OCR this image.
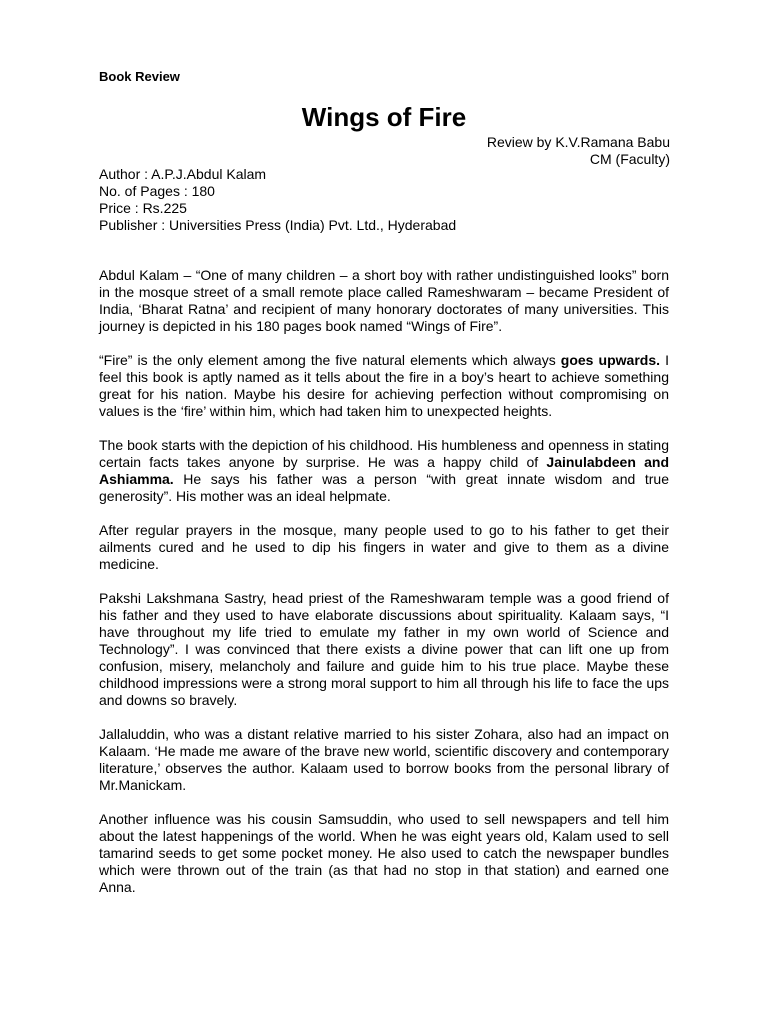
Book Review
Wings of Fire
Review by K.V.Ramana Babu
CM (Faculty)
Author : A.P.J.Abdul Kalam
No. of Pages : 180
Price : Rs.225
Publisher : Universities Press (India) Pvt. Ltd., Hyderabad

Abdul Kalam – “One of many children – a short boy with rather undistinguished looks” born in the mosque street of a small remote place called Rameshwaram – became President of India, ‘Bharat Ratna’ and recipient of many honorary doctorates of many universities. This journey is depicted in his 180 pages book named “Wings of Fire”.

“Fire” is the only element among the five natural elements which always goes upwards. I feel this book is aptly named as it tells about the fire in a boy’s heart to achieve something great for his nation. Maybe his desire for achieving perfection without compromising on values is the ‘fire’ within him, which had taken him to unexpected heights.

The book starts with the depiction of his childhood. His humbleness and openness in stating certain facts takes anyone by surprise. He was a happy child of Jainulabdeen and Ashiamma. He says his father was a person “with great innate wisdom and true generosity”. His mother was an ideal helpmate.

After regular prayers in the mosque, many people used to go to his father to get their ailments cured and he used to dip his fingers in water and give to them as a divine medicine.

Pakshi Lakshmana Sastry, head priest of the Rameshwaram temple was a good friend of his father and they used to have elaborate discussions about spirituality. Kalaam says, “I have throughout my life tried to emulate my father in my own world of Science and Technology”. I was convinced that there exists a divine power that can lift one up from confusion, misery, melancholy and failure and guide him to his true place. Maybe these childhood impressions were a strong moral support to him all through his life to face the ups and downs so bravely.

Jallaluddin, who was a distant relative married to his sister Zohara, also had an impact on Kalaam. ‘He made me aware of the brave new world, scientific discovery and contemporary literature,’ observes the author. Kalaam used to borrow books from the personal library of Mr.Manickam.

Another influence was his cousin Samsuddin, who used to sell newspapers and tell him about the latest happenings of the world. When he was eight years old, Kalam used to sell tamarind seeds to get some pocket money. He also used to catch the newspaper bundles which were thrown out of the train (as that had no stop in that station) and earned one Anna.
